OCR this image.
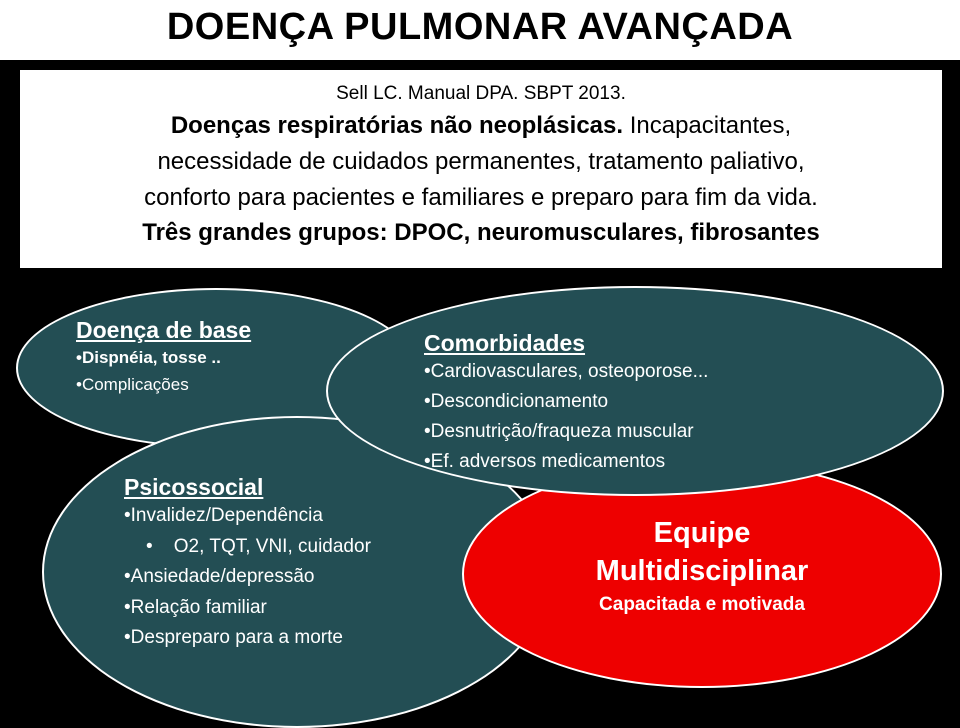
DOENÇA PULMONAR AVANÇADA
Sell LC. Manual DPA. SBPT 2013.
Doenças respiratórias não neoplásicas. Incapacitantes,
necessidade de cuidados permanentes, tratamento paliativo,
conforto para pacientes e familiares e preparo para fim da vida.
Três grandes grupos: DPOC, neuromusculares, fibrosantes
Doença de base
• Dispnéia, tosse ..
• Complicações
Psicossocial
• Invalidez/Dependência
•    O2, TQT, VNI, cuidador
• Ansiedade/depressão
• Relação familiar
• Despreparo para a morte
Equipe
Multidisciplinar
Capacitada e motivada
Comorbidades
• Cardiovasculares, osteoporose...
• Descondicionamento
• Desnutrição/fraqueza muscular
• Ef. adversos medicamentos
